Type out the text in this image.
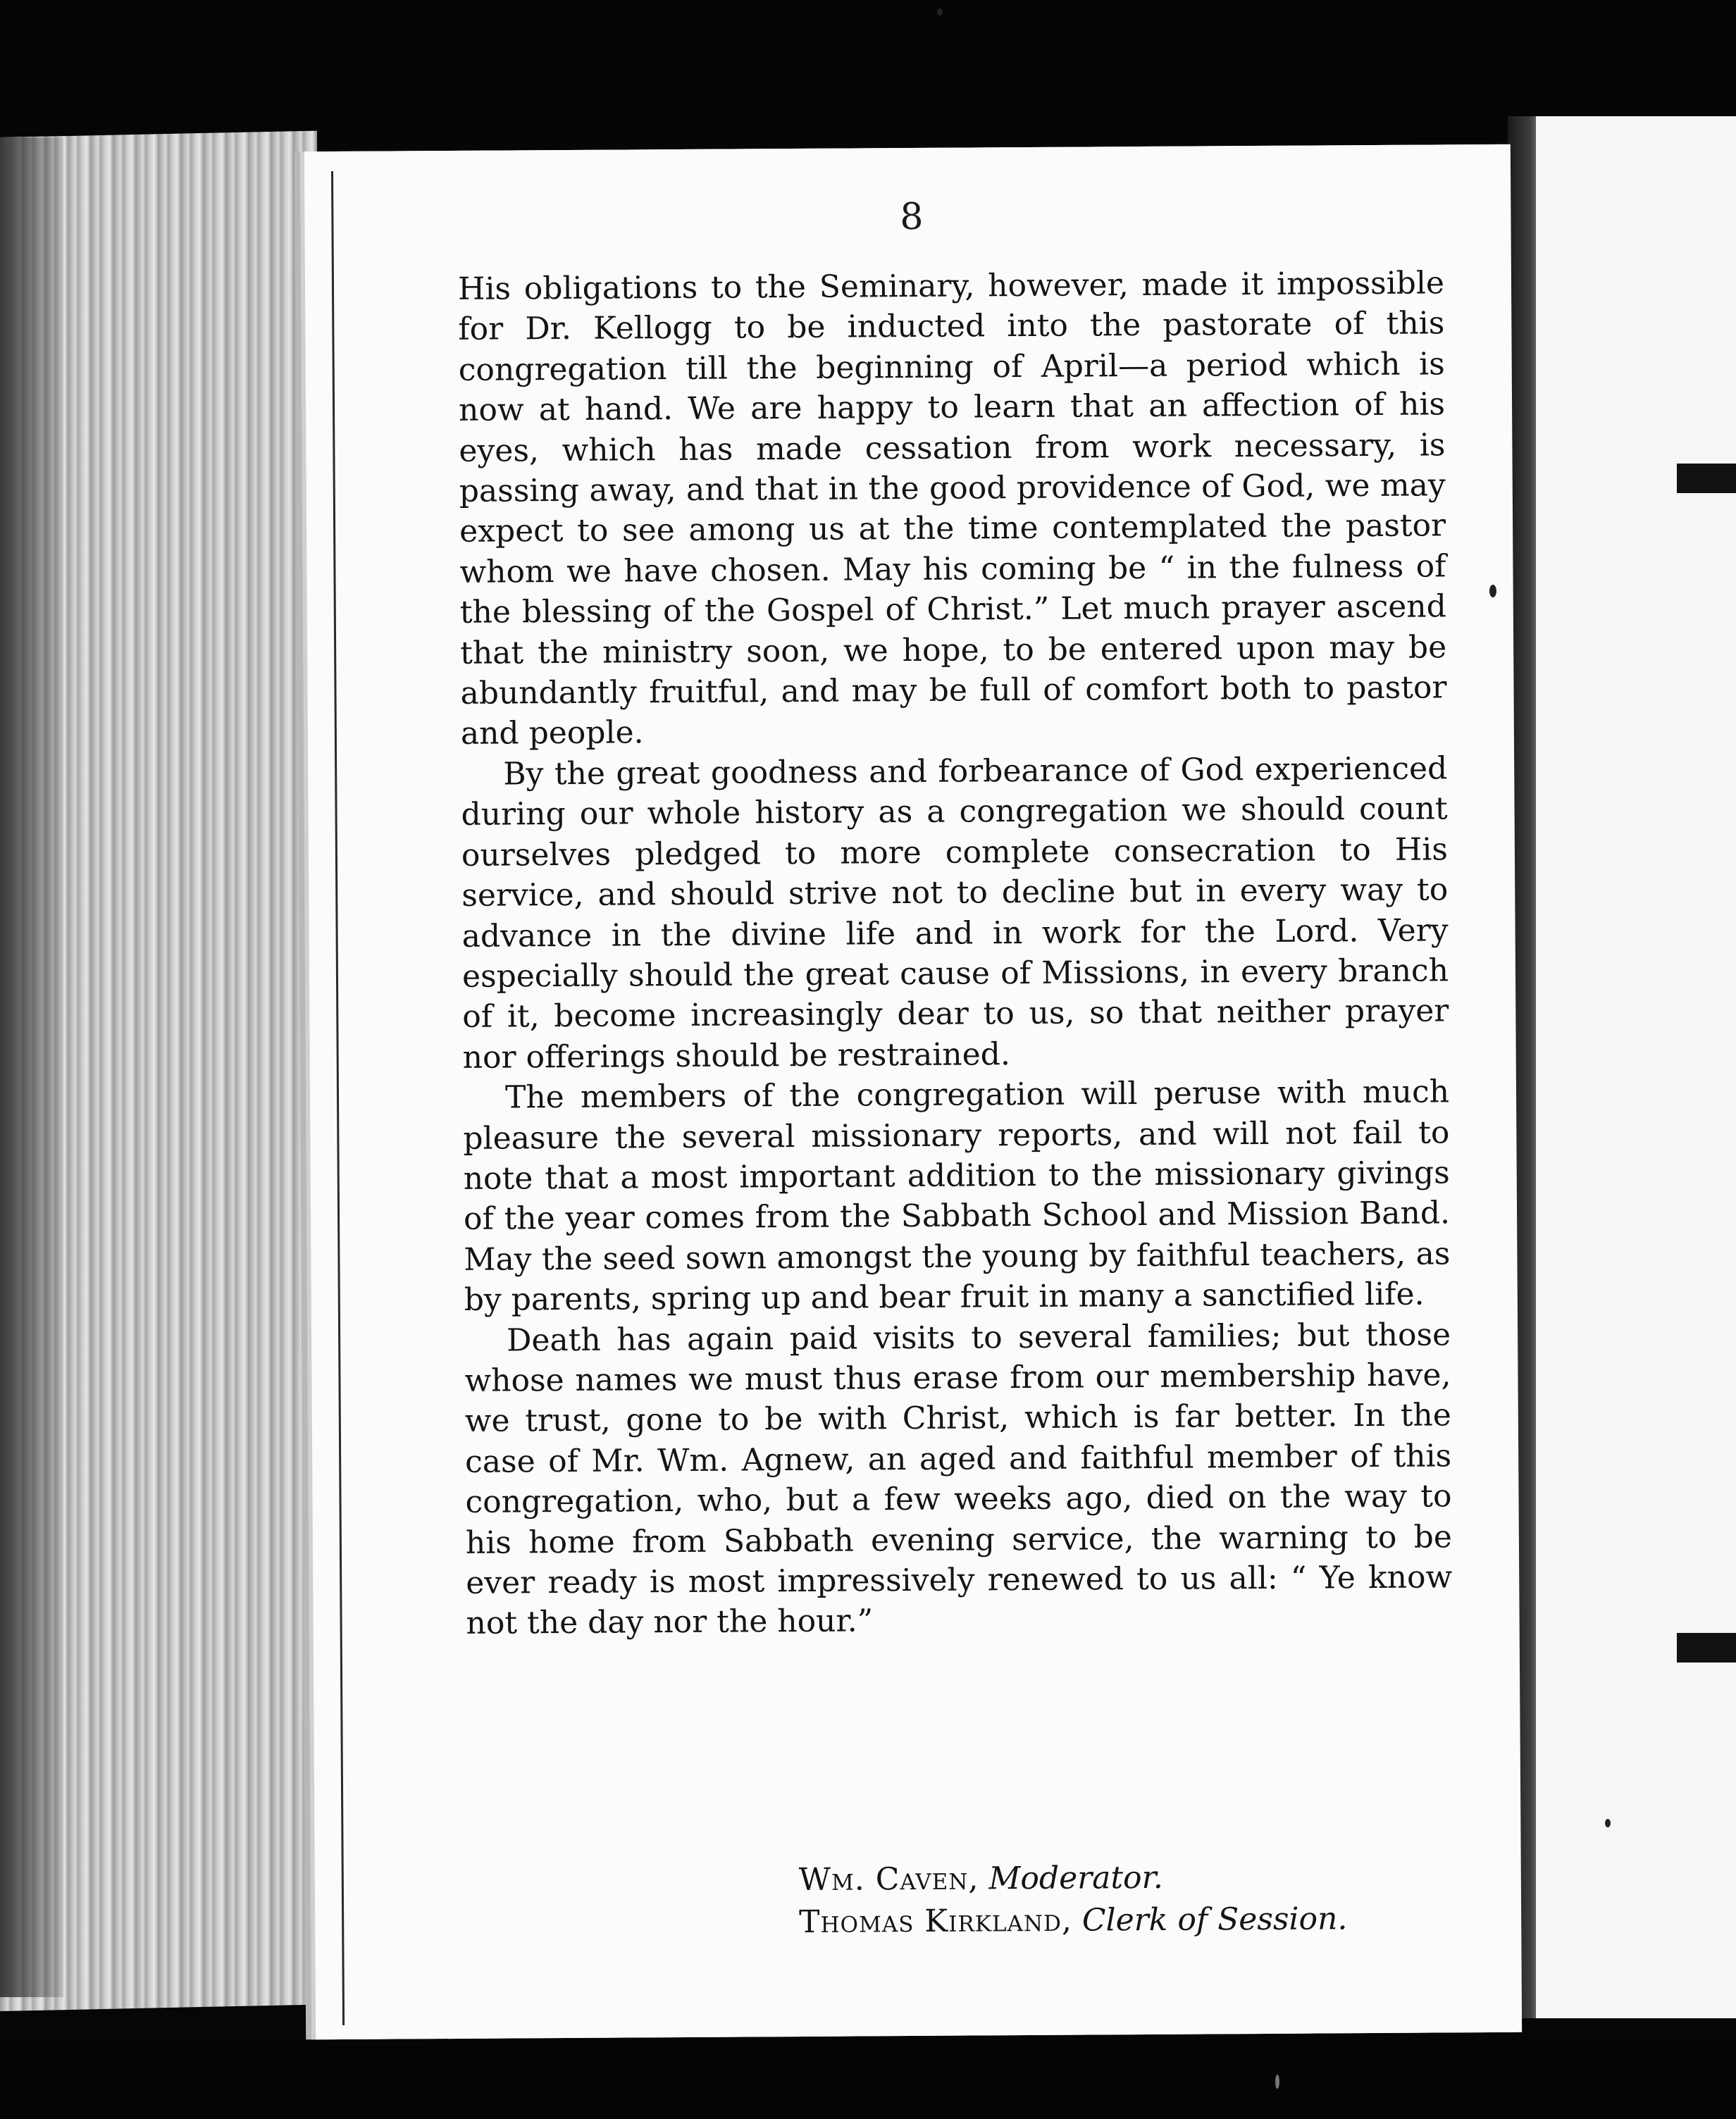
8

His obligations to the Seminary, however, made it impossible for Dr. Kellogg to be inducted into the pastorate of this congregation till the beginning of April—a period which is now at hand. We are happy to learn that an affection of his eyes, which has made cessation from work necessary, is passing away, and that in the good providence of God, we may expect to see among us at the time contemplated the pastor whom we have chosen. May his coming be “ in the fulness of the blessing of the Gospel of Christ.” Let much prayer ascend that the ministry soon, we hope, to be entered upon may be abundantly fruitful, and may be full of comfort both to pastor and people.

By the great goodness and forbearance of God experienced during our whole history as a congregation we should count ourselves pledged to more complete consecration to His service, and should strive not to decline but in every way to advance in the divine life and in work for the Lord. Very especially should the great cause of Missions, in every branch of it, become increasingly dear to us, so that neither prayer nor offerings should be restrained.

The members of the congregation will peruse with much pleasure the several missionary reports, and will not fail to note that a most important addition to the missionary givings of the year comes from the Sabbath School and Mission Band. May the seed sown amongst the young by faithful teachers, as by parents, spring up and bear fruit in many a sanctified life.

Death has again paid visits to several families; but those whose names we must thus erase from our membership have, we trust, gone to be with Christ, which is far better. In the case of Mr. Wm. Agnew, an aged and faithful member of this congregation, who, but a few weeks ago, died on the way to his home from Sabbath evening service, the warning to be ever ready is most impressively renewed to us all: “ Ye know not the day nor the hour.”

Wm. Caven, Moderator.
Thomas Kirkland, Clerk of Session.
